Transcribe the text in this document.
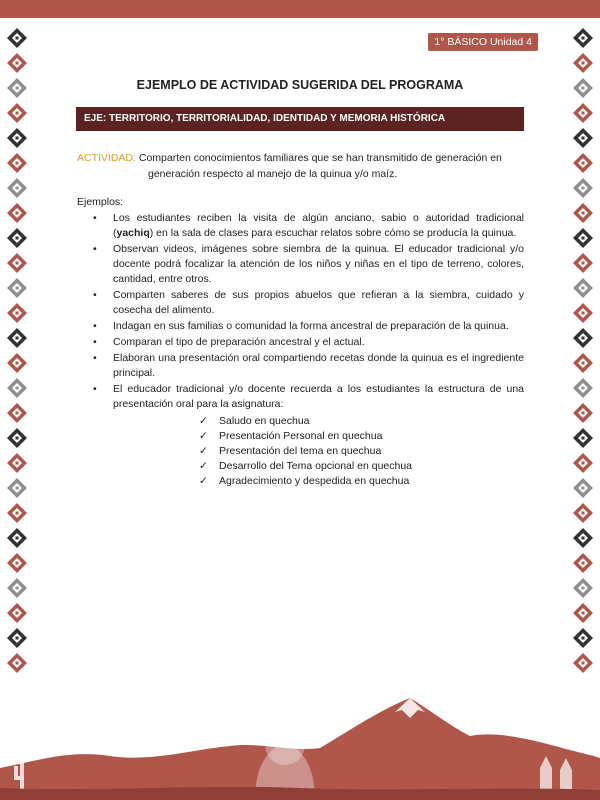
1° BÁSICO Unidad 4
EJEMPLO DE ACTIVIDAD SUGERIDA DEL PROGRAMA
EJE: TERRITORIO, TERRITORIALIDAD, IDENTIDAD Y MEMORIA HISTÓRICA
ACTIVIDAD: Comparten conocimientos familiares que se han transmitido de generación en
generación respecto al manejo de la quinua y/o maíz.
Ejemplos:
• Los estudiantes reciben la visita de algún anciano, sabio o autoridad tradicional (yachiq) en la sala de clases para escuchar relatos sobre cómo se producía la quinua.
• Observan videos, imágenes sobre siembra de la quinua. El educador tradicional y/o docente podrá focalizar la atención de los niños y niñas en el tipo de terreno, colores, cantidad, entre otros.
• Comparten saberes de sus propios abuelos que refieran a la siembra, cuidado y cosecha del alimento.
• Indagan en sus familias o comunidad la forma ancestral de preparación de la quinua.
• Comparan el tipo de preparación ancestral y el actual.
• Elaboran una presentación oral compartiendo recetas donde la quinua es el ingrediente principal.
• El educador tradicional y/o docente recuerda a los estudiantes la estructura de una presentación oral para la asignatura:
✓ Saludo en quechua
✓ Presentación Personal en quechua
✓ Presentación del tema en quechua
✓ Desarrollo del Tema opcional en quechua
✓ Agradecimiento y despedida en quechua
